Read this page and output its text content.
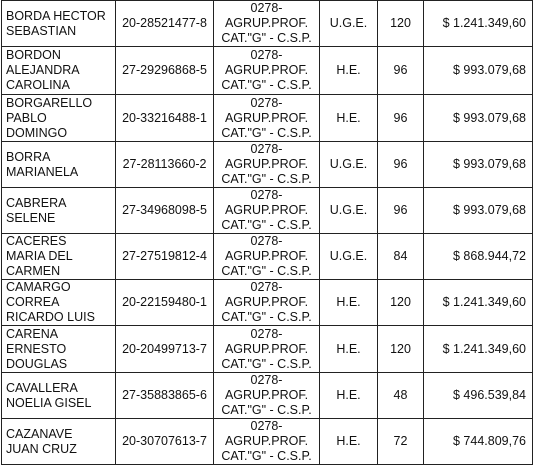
BORDA HECTOR
SEBASTIAN	20-28521477-8	0278-
AGRUP.PROF.
CAT."G" - C.S.P.	U.G.E.	120	$ 1.241.349,60

BORDON
ALEJANDRA
CAROLINA	27-29296868-5	0278-
AGRUP.PROF.
CAT."G" - C.S.P.	H.E.	96	$ 993.079,68

BORGARELLO
PABLO
DOMINGO	20-33216488-1	0278-
AGRUP.PROF.
CAT."G" - C.S.P.	H.E.	96	$ 993.079,68

BORRA
MARIANELA	27-28113660-2	0278-
AGRUP.PROF.
CAT."G" - C.S.P.	U.G.E.	96	$ 993.079,68

CABRERA
SELENE	27-34968098-5	0278-
AGRUP.PROF.
CAT."G" - C.S.P.	U.G.E.	96	$ 993.079,68

CACERES
MARIA DEL
CARMEN	27-27519812-4	0278-
AGRUP.PROF.
CAT."G" - C.S.P.	U.G.E.	84	$ 868.944,72

CAMARGO
CORREA
RICARDO LUIS	20-22159480-1	0278-
AGRUP.PROF.
CAT."G" - C.S.P.	H.E.	120	$ 1.241.349,60

CARENA
ERNESTO
DOUGLAS	20-20499713-7	0278-
AGRUP.PROF.
CAT."G" - C.S.P.	H.E.	120	$ 1.241.349,60

CAVALLERA
NOELIA GISEL	27-35883865-6	0278-
AGRUP.PROF.
CAT."G" - C.S.P.	H.E.	48	$ 496.539,84

CAZANAVE
JUAN CRUZ	20-30707613-7	0278-
AGRUP.PROF.
CAT."G" - C.S.P.	H.E.	72	$ 744.809,76
